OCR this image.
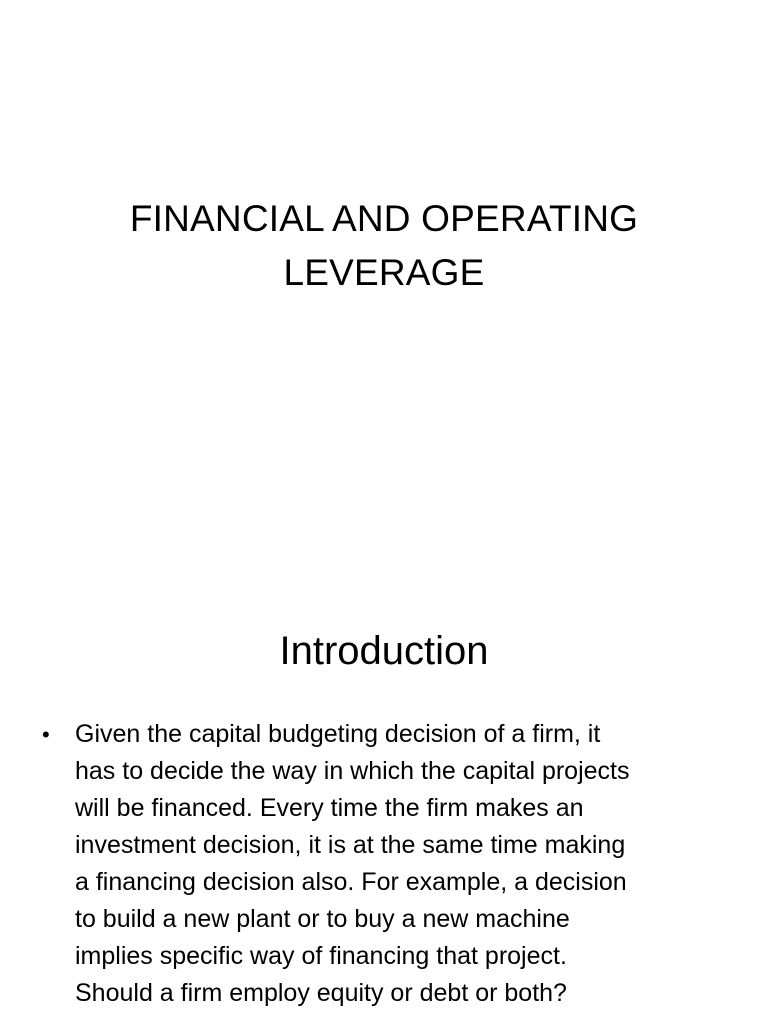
FINANCIAL AND OPERATING
LEVERAGE
Introduction
•	Given the capital budgeting decision of a firm, it
has to decide the way in which the capital projects
will be financed. Every time the firm makes an
investment decision, it is at the same time making
a financing decision also. For example, a decision
to build a new plant or to buy a new machine
implies specific way of financing that project.
Should a firm employ equity or debt or both?
